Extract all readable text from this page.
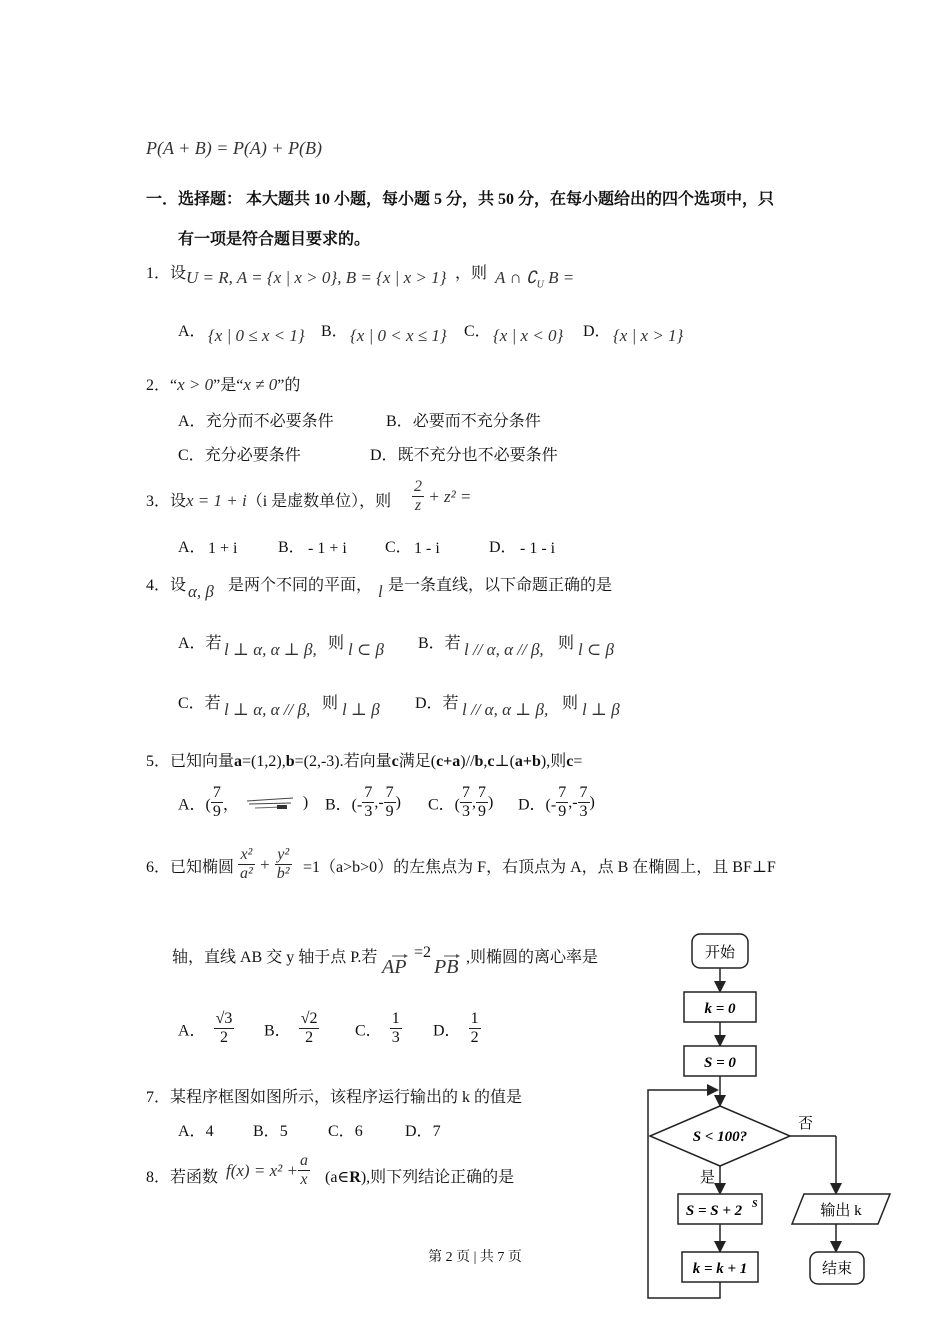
P(A + B) = P(A) + P(B)
一．选择题： 本大题共 10 小题，每小题 5 分，共 50 分，在每小题给出的四个选项中，只
有一项是符合题目要求的。
1．设 U = R, A = {x | x > 0}, B = {x | x > 1} ，则 A ∩ $∁_U$ B =
A． {x | 0 ≤ x < 1} B． {x | 0 < x ≤ 1} C． {x | x < 0} D． {x | x > 1}
2．“x > 0”是“x ≠ 0”的
A．充分而不必要条件	B．必要而不充分条件
C．充分必要条件	D．既不充分也不必要条件
3．设x = 1 + i（i 是虚数单位），则 $\frac{2}{z} + z^2$ =
A． 1 + i	B． - 1 + i C． 1 - i	D． - 1 - i
4．设 α, β 是两个不同的平面， l 是一条直线，以下命题正确的是
A．若 l ⊥ α, α ⊥ β, 则 l ⊂ β B．若 l // α, α // β, 则 l ⊂ β
C．若 l ⊥ α, α // β, 则 l ⊥ β D．若 l // α, α ⊥ β, 则 l ⊥ β
5．已知向量a=(1,2),b=(2,-3).若向量c满足(c+a)//b,c⊥(a+b),则c=
A．( $\frac{7}{9}$ ，	) B．(- $\frac{7}{3}$ ,- $\frac{7}{9}$ ) C．( $\frac{7}{3}$ , $\frac{7}{9}$ ) D．(- $\frac{7}{9}$ ,- $\frac{7}{3}$ )
6．已知椭圆 $\frac{\text{x²}}{\text{a²}} + \frac{\text{y²}}{\text{b²}} =1(a>b>0)$的左焦点为 F，右顶点为 A，点 B 在椭圆上，且 BF⊥F
轴，直线 AB 交 y 轴于点 P.若 AP
=2
PB ,则椭圆的离心率是
A． $\frac{√3}{2}$ B． $\frac{√2}{2}$ C． $\frac{1}{3}$ D． $\frac{1}{2}$
7．某程序框图如图所示，该程序运行输出的 k 的值是
A．4 B．5	C．6	D．7
8．若函数 $f(x) = x^2 + \frac{a}{x}$ (a∈R),则下列结论正确的是
开始
k = 0
S = 0
S < 100?
否
是
S = S + 2 S
k = k + 1
输出 k
结束
第 2 页 | 共 7 页
